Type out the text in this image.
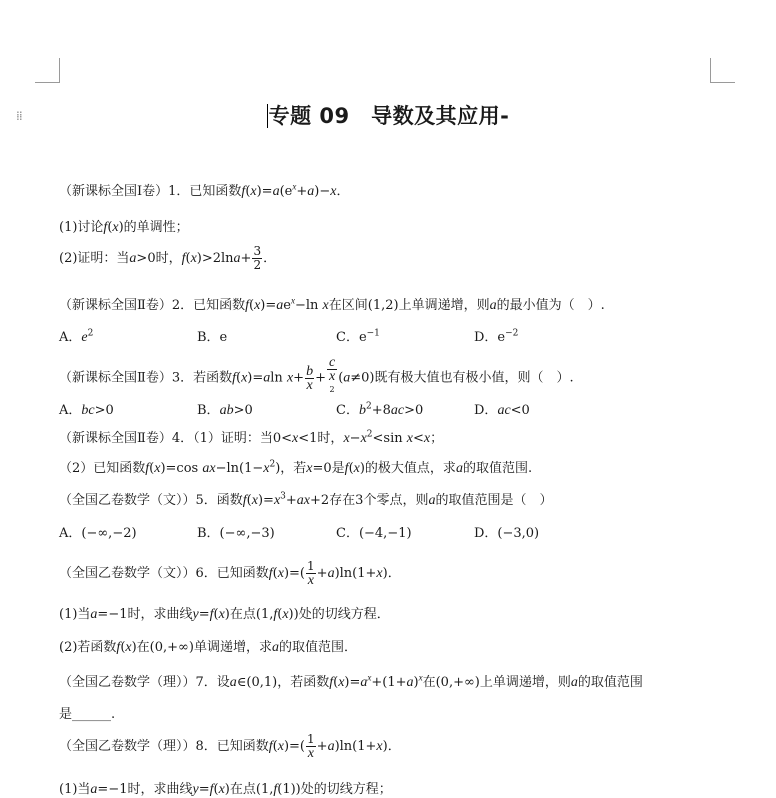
⁞⁞	专题 09　导数及其应用-
（新课标全国Ⅰ卷）1．已知函数$f(x)=a(e^x+a)-x$．
(1)讨论f(x)的单调性；
(2)证明：当a>0时，$f(x)>2\ln a+ \frac{3}{2}$ ．
（新课标全国Ⅱ卷）2．已知函数$f(x)=ae^x-\ln$ x在区间(1,2)上单调递增，则a的最小值为（　）.
A．$e^2$	B．e	C．$e^{-1}$	D．$e^{-2}$
（新课标全国Ⅱ卷）3．若函数f(x)=aln $x+ \frac{b}{x} + c$
x
$^2$ (a≠0)既有极大值也有极小值，则（　）.
A．bc>0	B．ab>0	C．$b^2+8ac>0$	D．ac<0
（新课标全国Ⅱ卷）4．（1）证明：当0<x<1时，$x-x^2<\sin$ x<x；
（2）已知函数f(x)=cos $ax-\ln(1-x^2)$，若x=0是f(x)的极大值点，求a的取值范围.
（全国乙卷数学（文））5．函数$f(x)=x^3+ax+2$存在3个零点，则a的取值范围是（　）
A．(−∞,−2)	B．(−∞,−3)	C．(−4,−1)	D．(−3,0)
（全国乙卷数学（文））6．已知函数$f(x)=( \frac{1}{x} +a)\ln(1+x)$．
(1)当a=−1时，求曲线y=f(x)在点(1,f(x))处的切线方程．
(2)若函数f(x)在(0,+∞)单调递增，求a的取值范围．
（全国乙卷数学（理））7．设a∈(0,1)，若函数$f(x)=a^x+(1+a)^x$在(0,+∞)上单调递增，则a的取值范围
是______.
（全国乙卷数学（理））8．已知函数$f(x)=( \frac{1}{x} +a)\ln(1+x)$．
(1)当a=−1时，求曲线y=f(x)在点(1,f(1))处的切线方程；
